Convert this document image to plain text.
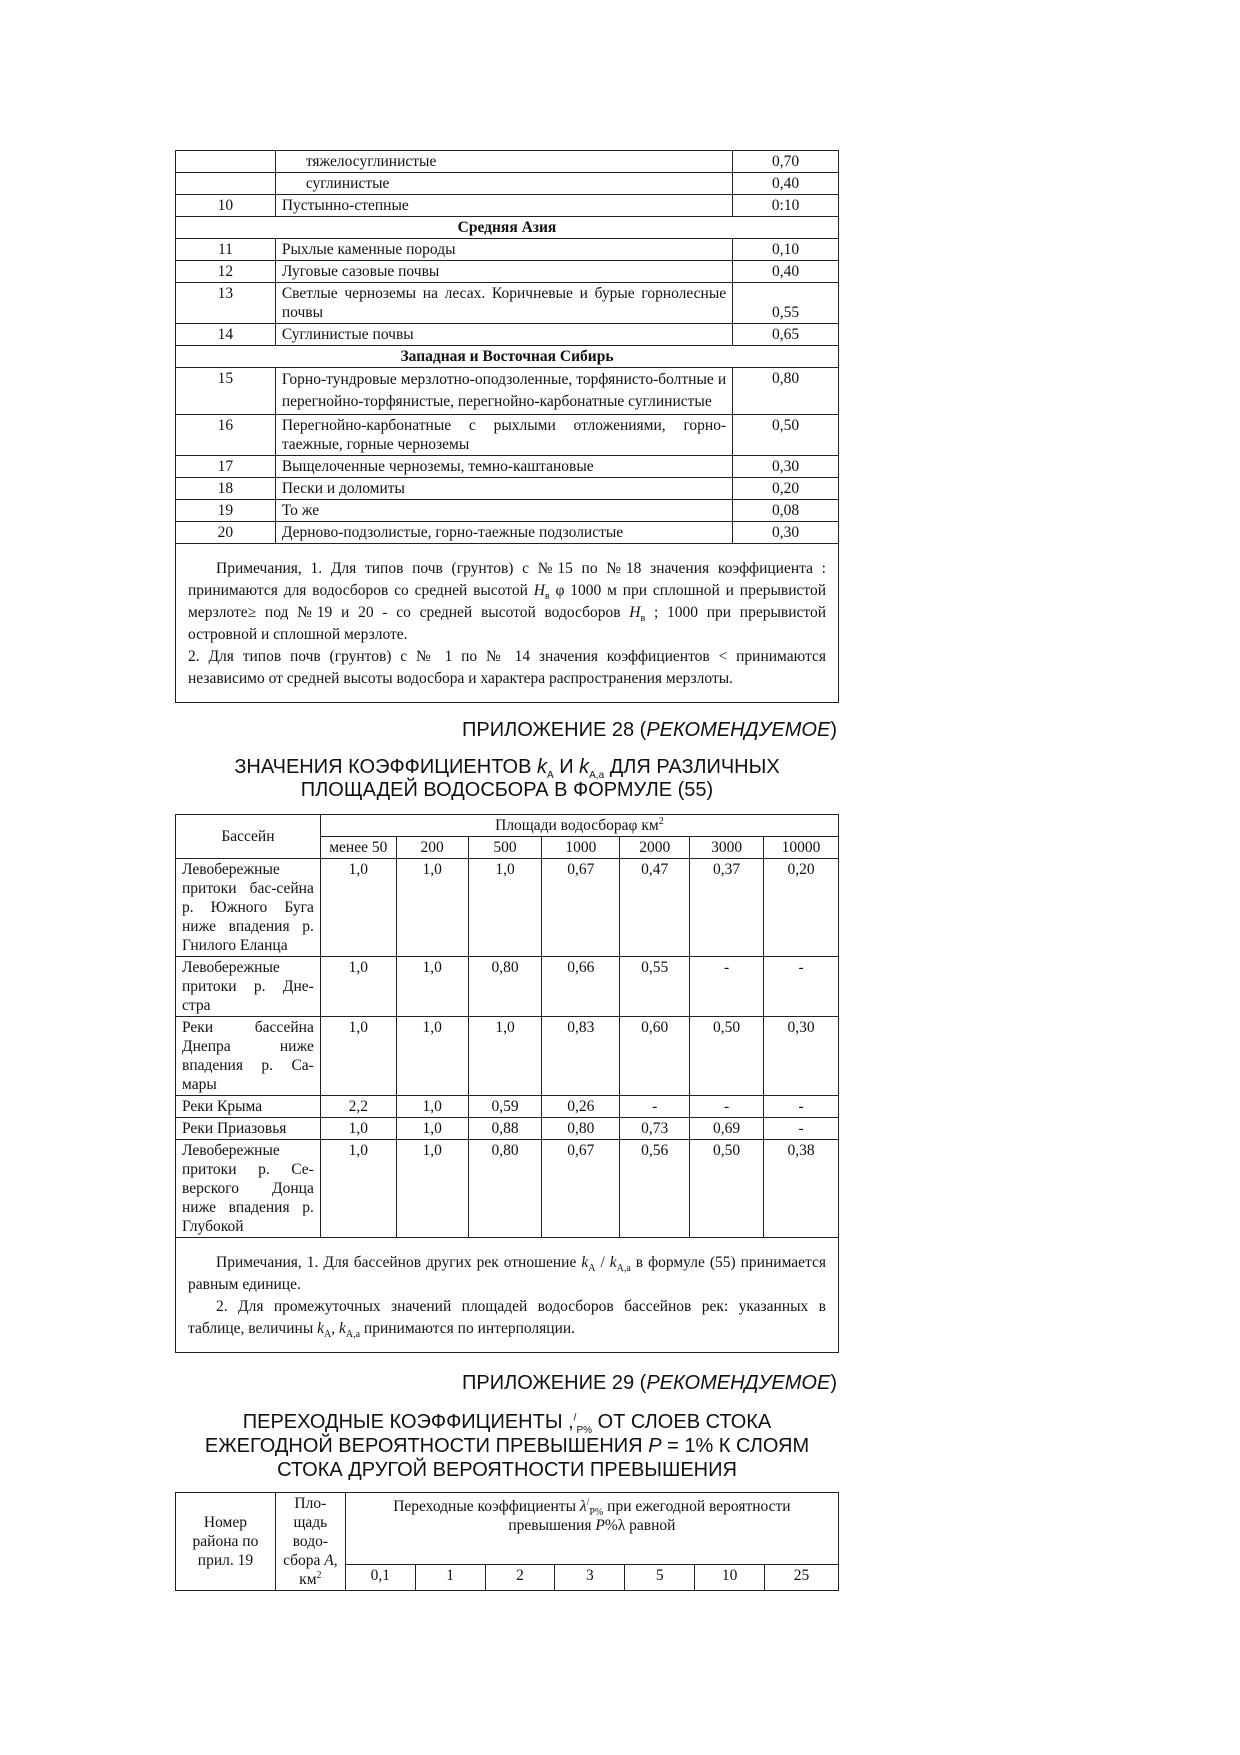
	тяжелосуглинистые	0,70
	суглинистые	0,40
10	Пустынно-степные	0:10
Средняя Азия		
11	Рыхлые каменные породы	0,10
12	Луговые сазовые почвы	0,40
13	Светлые черноземы на лесах. Коричневые и бурые горнолесные почвы	0,55
14	Суглинистые почвы	0,65
Западная и Восточная Сибирь		
15	Горно-тундровые мерзлотно-оподзоленные, торфянисто-болтные и перегнойно-торфянистые, перегнойно-карбонатные суглинистые	0,80
16	Перегнойно-карбонатные с рыхлыми отложениями, горно-таежные, горные черноземы	0,50
17	Выщелоченные черноземы, темно-каштановые	0,30
18	Пески и доломиты	0,20
19	То же	0,08
20	Дерново-подзолистые, горно-таежные подзолистые	0,30

Примечания, 1. Для типов почв (грунтов) с №15 по №18 значения коэффициента : принимаются для водосборов со средней высотой $H_в$ φ 1000 м при сплошной и прерывистой мерзлоте≥ под №19 и 20 - со средней высотой водосборов $H_в$ ; 1000 при прерывистой островной и сплошной мерзлоте.

2. Для типов почв (грунтов) с № 1 по № 14 значения коэффициентов < принимаются независимо от средней высоты водосбора и характера распространения мерзлоты.		

ПРИЛОЖЕНИЕ 28 (РЕКОМЕНДУЕМОЕ)
ЗНАЧЕНИЯ КОЭФФИЦИЕНТОВ $k_A$ И $k_{A,a}$ ДЛЯ РАЗЛИЧНЫХ
ПЛОЩАДЕЙ ВОДОСБОРА В ФОРМУЛЕ (55)
Бассейн	Площади водосбораφ $км^2$
	менее 50	200	500	1000	2000	3000	10000
Левобережные притоки бас-сейна р. Южного Буга ниже впадения р. Гнилого Еланца	1,0	1,0	1,0	0,67	0,47	0,37	0,20
Левобережные притоки р. Дне-стра	1,0	1,0	0,80	0,66	0,55	-	-
Реки бассейна Днепра ниже впадения р. Са-мары	1,0	1,0	1,0	0,83	0,60	0,50	0,30
Реки Крыма	2,2	1,0	0,59	0,26	-	-	-
Реки Приазовья	1,0	1,0	0,88	0,80	0,73	0,69	-
Левобережные притоки р. Се-верского Донца ниже впадения р. Глубокой	1,0	1,0	0,80	0,67	0,56	0,50	0,38

Примечания, 1. Для бассейнов других рек отношение $k_A / k_{A,a}$ в формуле (55) принимается равным единице.

2. Для промежуточных значений площадей водосборов бассейнов рек: указанных в таблице, величины $k_A$, $k_{A,a}$ принимаются по интерполяции.							

ПРИЛОЖЕНИЕ 29 (РЕКОМЕНДУЕМОЕ)
ПЕРЕХОДНЫЕ КОЭФФИЦИЕНТЫ $,^/_{P\%}$ ОТ СЛОЕВ СТОКА
ЕЖЕГОДНОЙ ВЕРОЯТНОСТИ ПРЕВЫШЕНИЯ P = 1% К СЛОЯМ
СТОКА ДРУГОЙ ВЕРОЯТНОСТИ ПРЕВЫШЕНИЯ
Номер района по прил. 19	Пло-щадь водо-сбора A, $км^2$	Переходные коэффициенты $\lambda^/_{P\%}$ при ежегодной вероятности превышения P%λ равной						
		0,1	1	2	3	5	10	25
